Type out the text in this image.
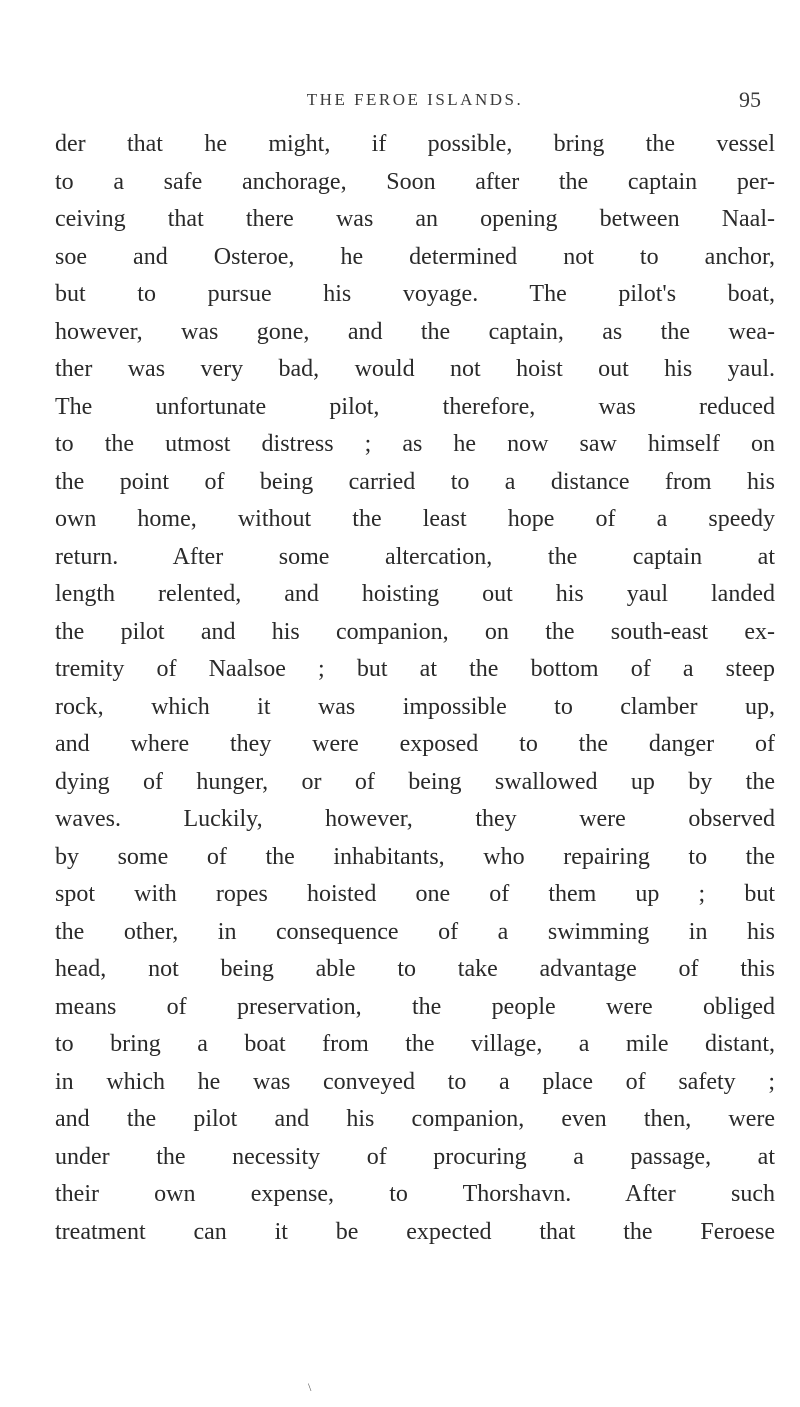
THE FEROE ISLANDS.	95
der that he might, if possible, bring the vessel
to a safe anchorage, Soon after the captain per-
ceiving that there was an opening between Naal-
soe and Osteroe, he determined not to anchor,
but to pursue his voyage. The pilot's boat,
however, was gone, and the captain, as the wea-
ther was very bad, would not hoist out his yaul.
The unfortunate pilot, therefore, was reduced
to the utmost distress ; as he now saw himself on
the point of being carried to a distance from his
own home, without the least hope of a speedy
return. After some altercation, the captain at
length relented, and hoisting out his yaul landed
the pilot and his companion, on the south-east ex-
tremity of Naalsoe ; but at the bottom of a steep
rock, which it was impossible to clamber up,
and where they were exposed to the danger of
dying of hunger, or of being swallowed up by the
waves. Luckily, however, they were observed
by some of the inhabitants, who repairing to the
spot with ropes hoisted one of them up ; but
the other, in consequence of a swimming in his
head, not being able to take advantage of this
means of preservation, the people were obliged
to bring a boat from the village, a mile distant,
in which he was conveyed to a place of safety ;
and the pilot and his companion, even then, were
under the necessity of procuring a passage, at
their own expense, to Thorshavn. After such
treatment can it be expected that the Feroese
\
